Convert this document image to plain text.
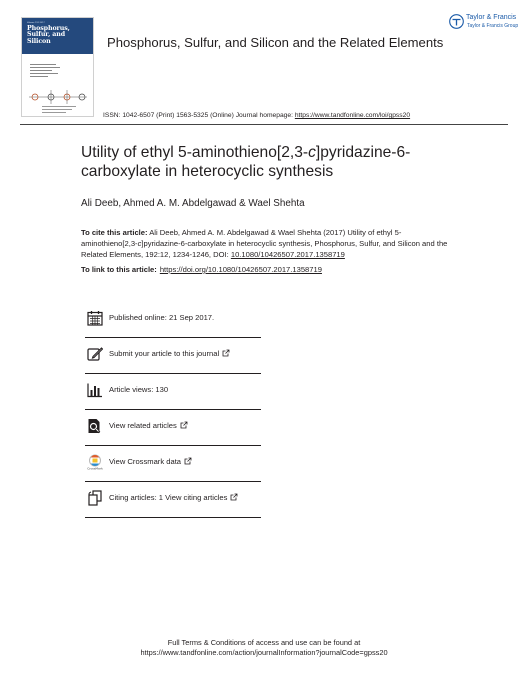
Volume 192 2017
Phosphorus,
Sulfur, and
Silicon	Phosphorus, Sulfur, and Silicon and the Related Elements
Taylor & Francis
Taylor & Francis Group
ISSN: 1042-6507 (Print) 1563-5325 (Online) Journal homepage: https://www.tandfonline.com/loi/gpss20
Utility of ethyl 5-aminothieno[2,3-c]pyridazine-6-carboxylate in heterocyclic synthesis
Ali Deeb, Ahmed A. M. Abdelgawad & Wael Shehta
To cite this article: Ali Deeb, Ahmed A. M. Abdelgawad & Wael Shehta (2017) Utility of ethyl 5-aminothieno[2,3-c]pyridazine-6-carboxylate in heterocyclic synthesis, Phosphorus, Sulfur, and Silicon and the Related Elements, 192:12, 1234-1246, DOI: 10.1080/10426507.2017.1358719
To link to this article: https://doi.org/10.1080/10426507.2017.1358719
Published online: 21 Sep 2017.
Submit your article to this journal
Article views: 130
View related articles
CrossMark
View Crossmark data
Citing articles: 1 View citing articles
Full Terms & Conditions of access and use can be found at
https://www.tandfonline.com/action/journalInformation?journalCode=gpss20
